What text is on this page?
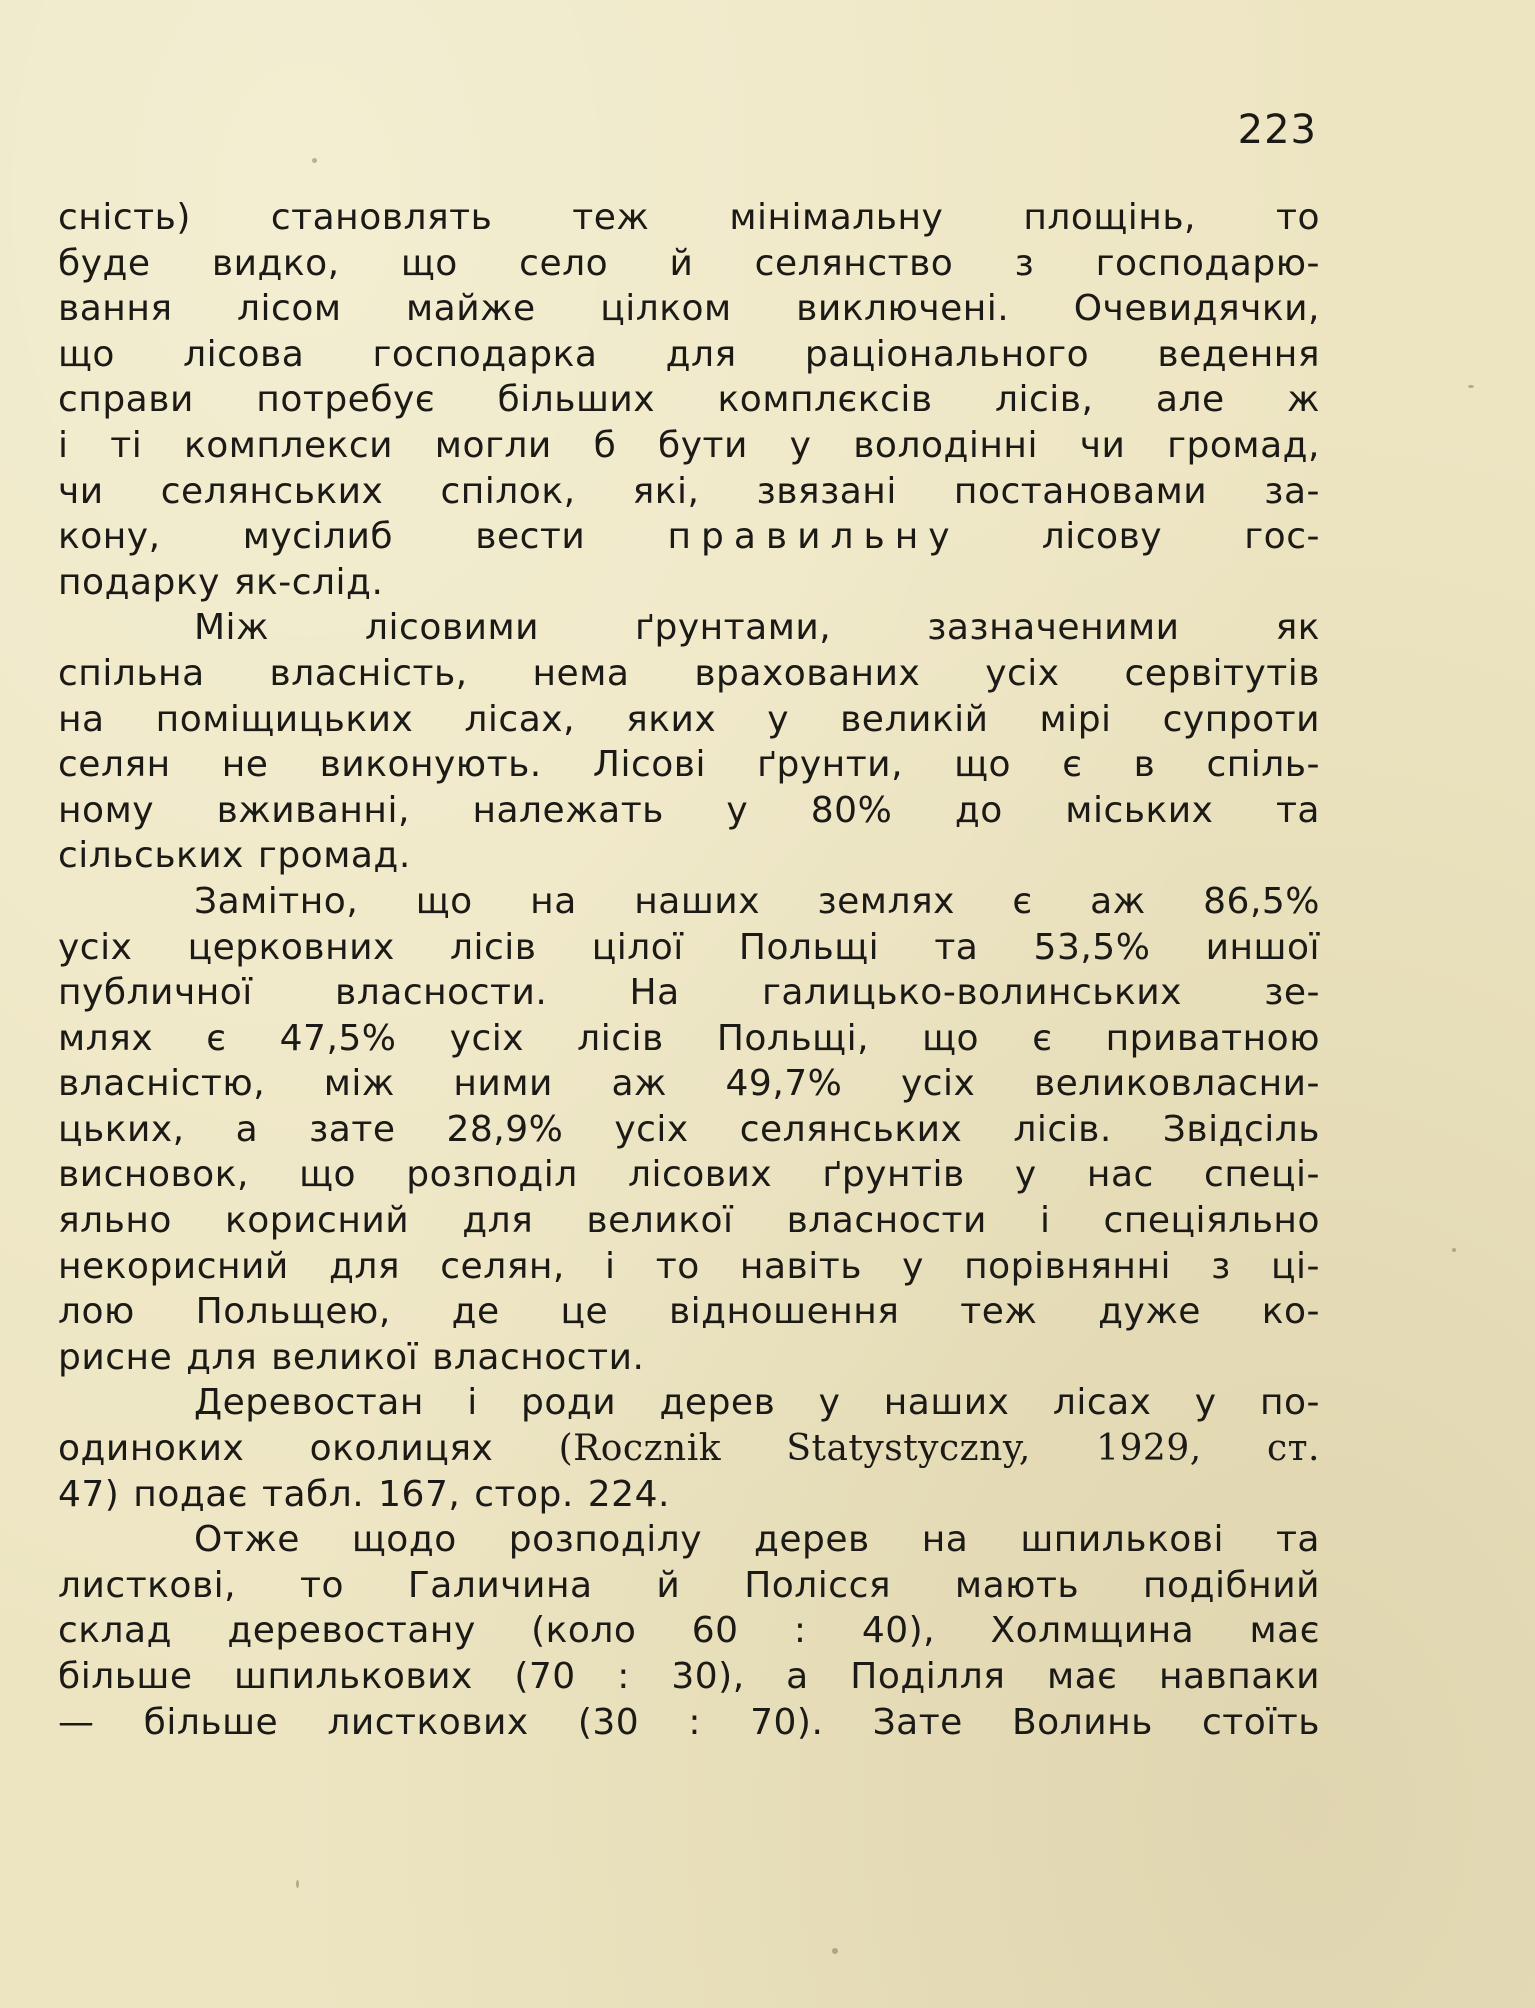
223
сність) становлять теж мінімальну площінь, то
буде видко, що село й селянство з господарю-
вання лісом майже цілком виключені. Очевидячки,
що лісова господарка для раціонального ведення
справи потребує більших комплєксів лісів, але ж
і ті комплекси могли б бути у володінні чи громад,
чи селянських спілок, які, звязані постановами за-
кону, мусілиб вести правильну лісову гос-
подарку як-слід.
Між лісовими ґрунтами, зазначеними як
спільна власність, нема врахованих усіх сервітутів
на поміщицьких лісах, яких у великій мірі супроти
селян не виконують. Лісові ґрунти, що є в спіль-
ному вживанні, належать у 80% до міських та
сільських громад.
Замітно, що на наших землях є аж 86,5%
усіх церковних лісів цілої Польщі та 53,5% иншої
публичної власности. На галицько-волинських зе-
млях є 47,5% усіх лісів Польщі, що є приватною
власністю, між ними аж 49,7% усіх великовласни-
цьких, а зате 28,9% усіх селянських лісів. Звідсіль
висновок, що розподіл лісових ґрунтів у нас спеці-
яльно корисний для великої власности і спеціяльно
некорисний для селян, і то навіть у порівнянні з ці-
лою Польщею, де це відношення теж дуже ко-
рисне для великої власности.
Деревостан і роди дерев у наших лісах у по-
одиноких околицях (Rocznik Statystyczny, 1929, ст.
47) подає табл. 167, стор. 224.
Отже щодо розподілу дерев на шпилькові та
листкові, то Галичина й Полісся мають подібний
склад деревостану (коло 60 : 40), Холмщина має
більше шпилькових (70 : 30), а Поділля має навпаки
— більше листкових (30 : 70). Зате Волинь стоїть
